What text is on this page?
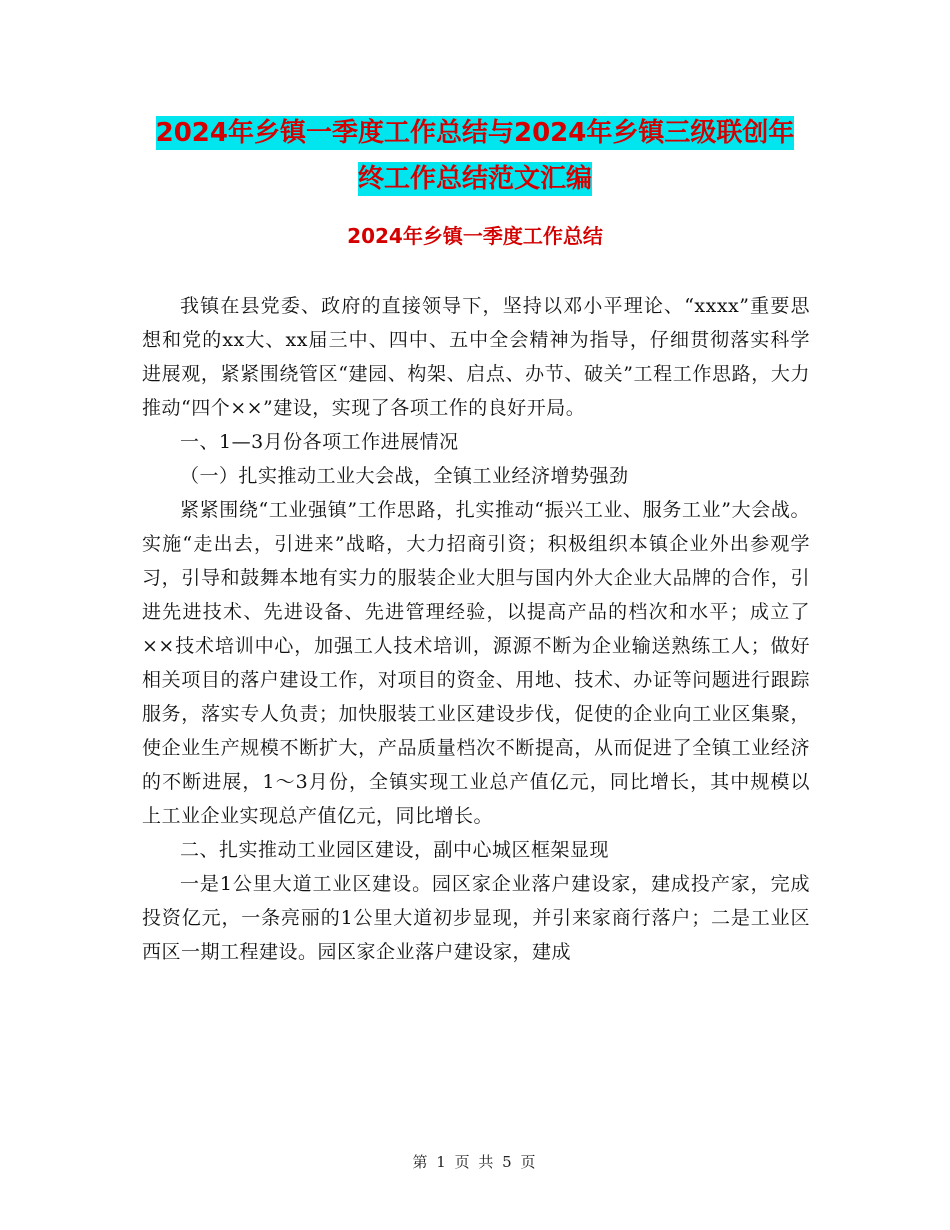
2024年乡镇一季度工作总结与2024年乡镇三级联创年
终工作总结范文汇编
2024年乡镇一季度工作总结

我镇在县党委、政府的直接领导下，坚持以邓小平理论、“xxxx”重要思想和党的xx大、xx届三中、四中、五中全会精神为指导，仔细贯彻落实科学进展观，紧紧围绕管区“建园、构架、启点、办节、破关”工程工作思路，大力推动“四个××”建设，实现了各项工作的良好开局。

一、1—3月份各项工作进展情况

（一）扎实推动工业大会战，全镇工业经济增势强劲

紧紧围绕“工业强镇”工作思路，扎实推动“振兴工业、服务工业”大会战。实施“走出去，引进来”战略，大力招商引资；积极组织本镇企业外出参观学习，引导和鼓舞本地有实力的服装企业大胆与国内外大企业大品牌的合作，引进先进技术、先进设备、先进管理经验，以提高产品的档次和水平；成立了××技术培训中心，加强工人技术培训，源源不断为企业输送熟练工人；做好相关项目的落户建设工作，对项目的资金、用地、技术、办证等问题进行跟踪服务，落实专人负责；加快服装工业区建设步伐，促使的企业向工业区集聚，使企业生产规模不断扩大，产品质量档次不断提高，从而促进了全镇工业经济的不断进展，1～3月份，全镇实现工业总产值亿元，同比增长，其中规模以上工业企业实现总产值亿元，同比增长。

二、扎实推动工业园区建设，副中心城区框架显现

一是1公里大道工业区建设。园区家企业落户建设家，建成投产家，完成投资亿元，一条亮丽的1公里大道初步显现，并引来家商行落户；二是工业区西区一期工程建设。园区家企业落户建设家，建成

第 1 页 共 5 页
